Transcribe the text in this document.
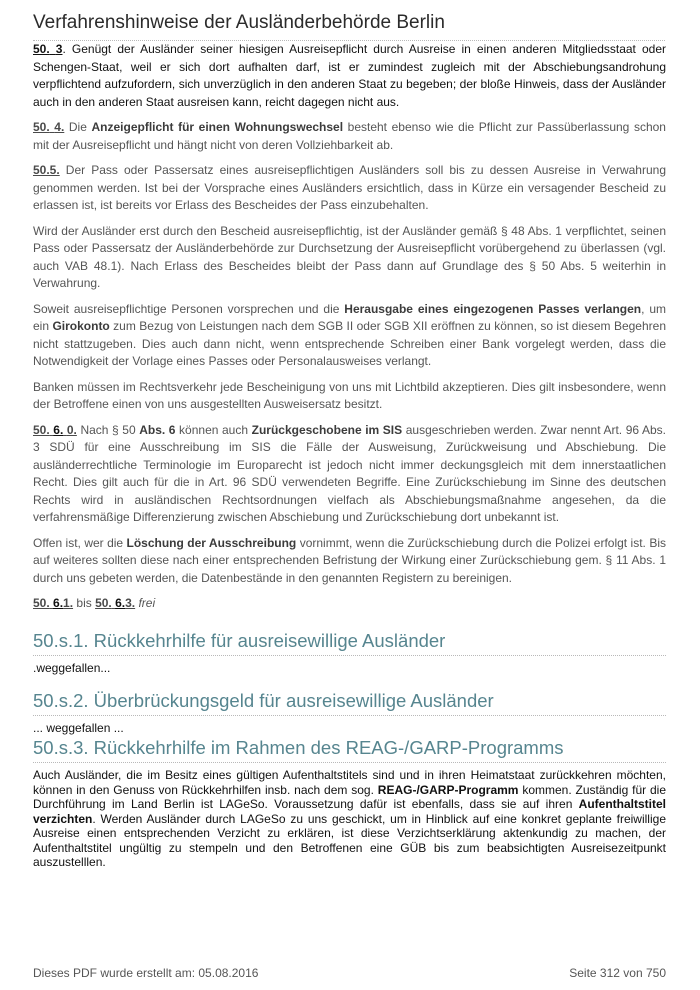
Verfahrenshinweise der Ausländerbehörde Berlin

50. 3. Genügt der Ausländer seiner hiesigen Ausreisepflicht durch Ausreise in einen anderen Mitgliedsstaat oder Schengen-Staat, weil er sich dort aufhalten darf, ist er zumindest zugleich mit der Abschiebungsandrohung verpflichtend aufzufordern, sich unverzüglich in den anderen Staat zu begeben; der bloße Hinweis, dass der Ausländer auch in den anderen Staat ausreisen kann, reicht dagegen nicht aus.

50. 4. Die Anzeigepflicht für einen Wohnungswechsel besteht ebenso wie die Pflicht zur Passüberlassung schon mit der Ausreisepflicht und hängt nicht von deren Vollziehbarkeit ab.

50.5. Der Pass oder Passersatz eines ausreisepflichtigen Ausländers soll bis zu dessen Ausreise in Verwahrung genommen werden. Ist bei der Vorsprache eines Ausländers ersichtlich, dass in Kürze ein versagender Bescheid zu erlassen ist, ist bereits vor Erlass des Bescheides der Pass einzubehalten.

Wird der Ausländer erst durch den Bescheid ausreisepflichtig, ist der Ausländer gemäß § 48 Abs. 1 verpflichtet, seinen Pass oder Passersatz der Ausländerbehörde zur Durchsetzung der Ausreisepflicht vorübergehend zu überlassen (vgl. auch VAB 48.1). Nach Erlass des Bescheides bleibt der Pass dann auf Grundlage des § 50 Abs. 5 weiterhin in Verwahrung.

Soweit ausreisepflichtige Personen vorsprechen und die Herausgabe eines eingezogenen Passes verlangen, um ein Girokonto zum Bezug von Leistungen nach dem SGB II oder SGB XII eröffnen zu können, so ist diesem Begehren nicht stattzugeben. Dies auch dann nicht, wenn entsprechende Schreiben einer Bank vorgelegt werden, dass die Notwendigkeit der Vorlage eines Passes oder Personalausweises verlangt.

Banken müssen im Rechtsverkehr jede Bescheinigung von uns mit Lichtbild akzeptieren. Dies gilt insbesondere, wenn der Betroffene einen von uns ausgestellten Ausweisersatz besitzt.

50. 6. 0. Nach § 50 Abs. 6 können auch Zurückgeschobene im SIS ausgeschrieben werden. Zwar nennt Art. 96 Abs. 3 SDÜ für eine Ausschreibung im SIS die Fälle der Ausweisung, Zurückweisung und Abschiebung. Die ausländerrechtliche Terminologie im Europarecht ist jedoch nicht immer deckungsgleich mit dem innerstaatlichen Recht. Dies gilt auch für die in Art. 96 SDÜ verwendeten Begriffe. Eine Zurückschiebung im Sinne des deutschen Rechts wird in ausländischen Rechtsordnungen vielfach als Abschiebungsmaßnahme angesehen, da die verfahrensmäßige Differenzierung zwischen Abschiebung und Zurückschiebung dort unbekannt ist.

Offen ist, wer die Löschung der Ausschreibung vornimmt, wenn die Zurückschiebung durch die Polizei erfolgt ist. Bis auf weiteres sollten diese nach einer entsprechenden Befristung der Wirkung einer Zurückschiebung gem. § 11 Abs. 1 durch uns gebeten werden, die Datenbestände in den genannten Registern zu bereinigen.

50. 6.1. bis 50. 6.3. frei

50.s.1. Rückkehrhilfe für ausreisewillige Ausländer
.weggefallen...
50.s.2. Überbrückungsgeld für ausreisewillige Ausländer
... weggefallen ...
50.s.3. Rückkehrhilfe im Rahmen des REAG-/GARP-Programms
Auch Ausländer, die im Besitz eines gültigen Aufenthaltstitels sind und in ihren Heimatstaat zurückkehren möchten, können in den Genuss von Rückkehrhilfen insb. nach dem sog. REAG-/GARP-Programm kommen. Zuständig für die Durchführung im Land Berlin ist LAGeSo. Voraussetzung dafür ist ebenfalls, dass sie auf ihren Aufenthaltstitel verzichten. Werden Ausländer durch LAGeSo zu uns geschickt, um in Hinblick auf eine konkret geplante freiwillige Ausreise einen entsprechenden Verzicht zu erklären, ist diese Verzichtserklärung aktenkundig zu machen, der Aufenthaltstitel ungültig zu stempeln und den Betroffenen eine GÜB bis zum beabsichtigten Ausreisezeitpunkt auszustelllen.
Dieses PDF wurde erstellt am: 05.08.2016	Seite 312 von 750
